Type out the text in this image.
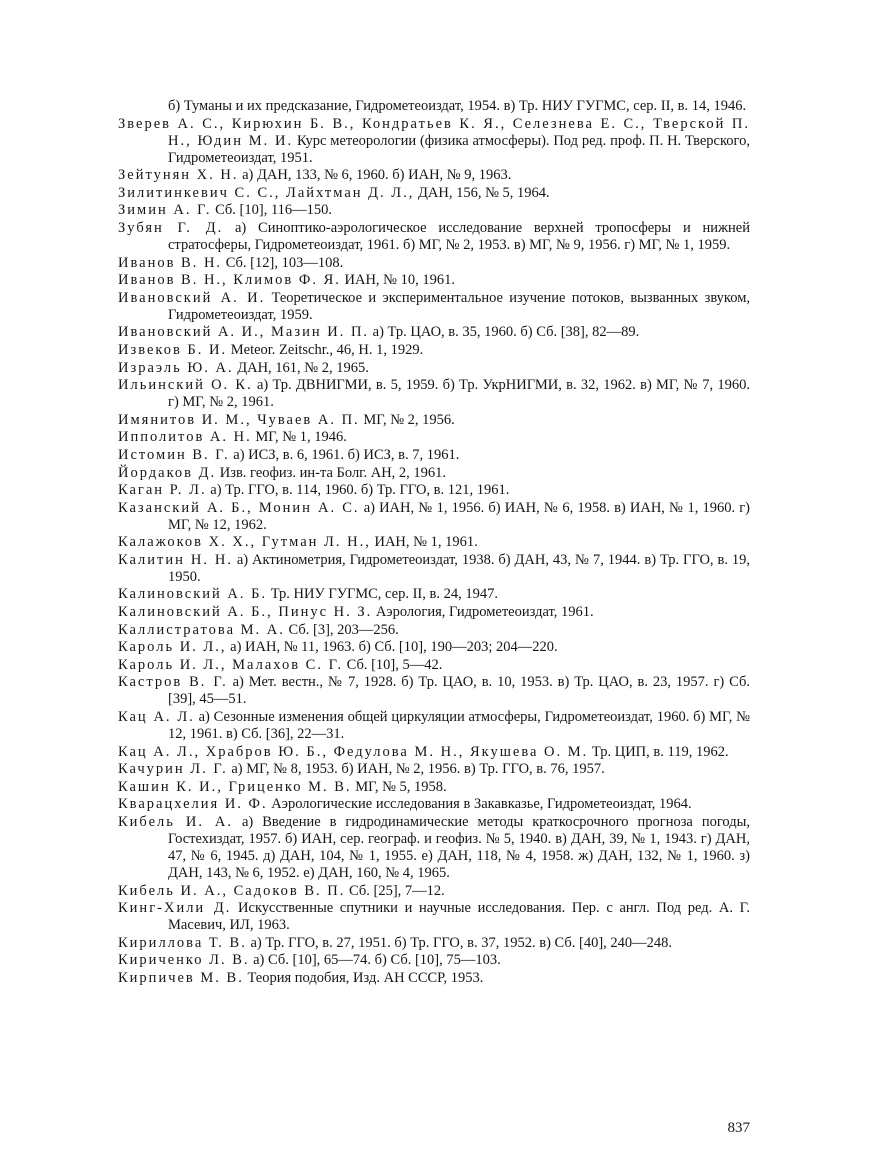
б) Туманы и их предсказание, Гидрометеоиздат, 1954. в) Тр. НИУ ГУГМС, сер. II, в. 14, 1946.

Зверев А. С., Кирюхин Б. В., Кондратьев К. Я., Селезнева Е. С., Тверской П. Н., Юдин М. И. Курс метеорологии (физика атмосферы). Под ред. проф. П. Н. Тверского, Гидрометеоиздат, 1951.

Зейтунян Х. Н. а) ДАН, 133, № 6, 1960. б) ИАН, № 9, 1963.

Зилитинкевич С. С., Лайхтман Д. Л., ДАН, 156, № 5, 1964.

Зимин А. Г. Сб. [10], 116—150.

Зубян Г. Д. а) Синоптико-аэрологическое исследование верхней тропосферы и нижней стратосферы, Гидрометеоиздат, 1961. б) МГ, № 2, 1953. в) МГ, № 9, 1956. г) МГ, № 1, 1959.

Иванов В. Н. Сб. [12], 103—108.

Иванов В. Н., Климов Ф. Я. ИАН, № 10, 1961.

Ивановский А. И. Теоретическое и экспериментальное изучение потоков, вызванных звуком, Гидрометеоиздат, 1959.

Ивановский А. И., Мазин И. П. а) Тр. ЦАО, в. 35, 1960. б) Сб. [38], 82—89.

Извеков Б. И. Meteor. Zeitschr., 46, Н. 1, 1929.

Израэль Ю. А. ДАН, 161, № 2, 1965.

Ильинский О. К. а) Тр. ДВНИГМИ, в. 5, 1959. б) Тр. УкрНИГМИ, в. 32, 1962. в) МГ, № 7, 1960. г) МГ, № 2, 1961.

Имянитов И. М., Чуваев А. П. МГ, № 2, 1956.

Ипполитов А. Н. МГ, № 1, 1946.

Истомин В. Г. а) ИСЗ, в. 6, 1961. б) ИСЗ, в. 7, 1961.

Йордаков Д. Изв. геофиз. ин-та Болг. АН, 2, 1961.

Каган Р. Л. а) Тр. ГГО, в. 114, 1960. б) Тр. ГГО, в. 121, 1961.

Казанский А. Б., Монин А. С. а) ИАН, № 1, 1956. б) ИАН, № 6, 1958. в) ИАН, № 1, 1960. г) МГ, № 12, 1962.

Калажоков Х. Х., Гутман Л. Н., ИАН, № 1, 1961.

Калитин Н. Н. а) Актинометрия, Гидрометеоиздат, 1938. б) ДАН, 43, № 7, 1944. в) Тр. ГГО, в. 19, 1950.

Калиновский А. Б. Тр. НИУ ГУГМС, сер. II, в. 24, 1947.

Калиновский А. Б., Пинус Н. З. Аэрология, Гидрометеоиздат, 1961.

Каллистратова М. А. Сб. [3], 203—256.

Кароль И. Л., а) ИАН, № 11, 1963. б) Сб. [10], 190—203; 204—220.

Кароль И. Л., Малахов С. Г. Сб. [10], 5—42.

Кастров В. Г. а) Мет. вестн., № 7, 1928. б) Тр. ЦАО, в. 10, 1953. в) Тр. ЦАО, в. 23, 1957. г) Сб. [39], 45—51.

Кац А. Л. а) Сезонные изменения общей циркуляции атмосферы, Гидрометеоиздат, 1960. б) МГ, № 12, 1961. в) Сб. [36], 22—31.

Кац А. Л., Храбров Ю. Б., Федулова М. Н., Якушева О. М. Тр. ЦИП, в. 119, 1962.

Качурин Л. Г. а) МГ, № 8, 1953. б) ИАН, № 2, 1956. в) Тр. ГГО, в. 76, 1957.

Кашин К. И., Гриценко М. В. МГ, № 5, 1958.

Кварацхелия И. Ф. Аэрологические исследования в Закавказье, Гидрометеоиздат, 1964.

Кибель И. А. а) Введение в гидродинамические методы краткосрочного прогноза погоды, Гостехиздат, 1957. б) ИАН, сер. географ. и геофиз. № 5, 1940. в) ДАН, 39, № 1, 1943. г) ДАН, 47, № 6, 1945. д) ДАН, 104, № 1, 1955. е) ДАН, 118, № 4, 1958. ж) ДАН, 132, № 1, 1960. з) ДАН, 143, № 6, 1952. е) ДАН, 160, № 4, 1965.

Кибель И. А., Садоков В. П. Сб. [25], 7—12.

Кинг-Хили Д. Искусственные спутники и научные исследования. Пер. с англ. Под ред. А. Г. Масевич, ИЛ, 1963.

Кириллова Т. В. а) Тр. ГГО, в. 27, 1951. б) Тр. ГГО, в. 37, 1952. в) Сб. [40], 240—248.

Кириченко Л. В. а) Сб. [10], 65—74. б) Сб. [10], 75—103.

Кирпичев М. В. Теория подобия, Изд. АН СССР, 1953.

837
